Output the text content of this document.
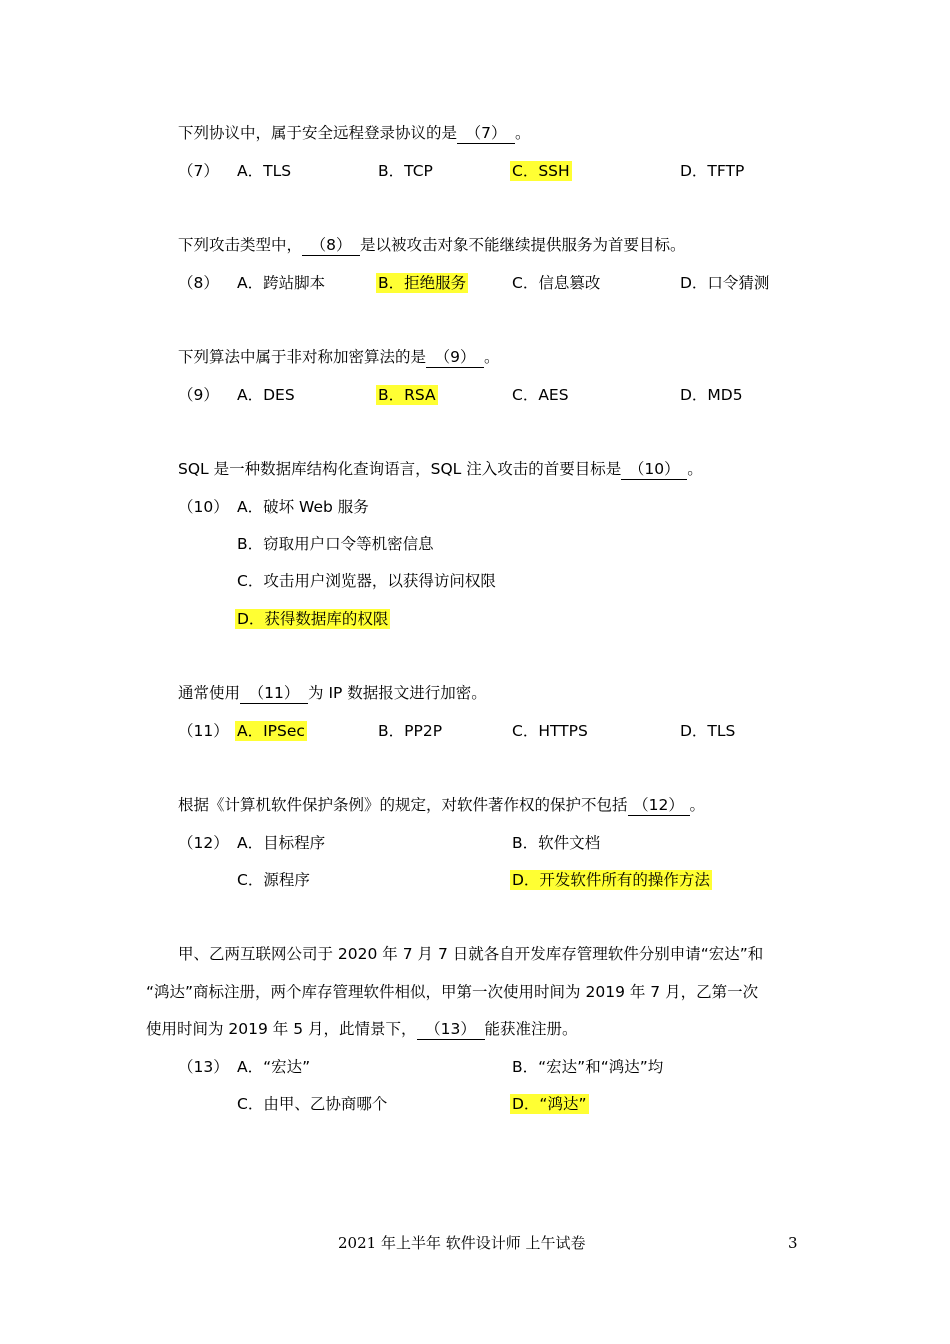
下列协议中，属于安全远程登录协议的是 （7） 。
（7） A．TLS	B．TCP	C．SSH	D．TFTP
下列攻击类型中， （8） 是以被攻击对象不能继续提供服务为首要目标。
（8） A．跨站脚本	B．拒绝服务	C．信息篡改	D．口令猜测
下列算法中属于非对称加密算法的是 （9） 。
（9） A．DES	B．RSA	C．AES	D．MD5
SQL 是一种数据库结构化查询语言，SQL 注入攻击的首要目标是 （10） 。
（10） A．破坏 Web 服务
B．窃取用户口令等机密信息
C．攻击用户浏览器，以获得访问权限
D．获得数据库的权限
通常使用 （11） 为 IP 数据报文进行加密。
（11） A．IPSec	B．PP2P	C．HTTPS	D．TLS
根据《计算机软件保护条例》的规定，对软件著作权的保护不包括 （12） 。
（12） A．目标程序	B．软件文档
C．源程序	D．开发软件所有的操作方法
甲、乙两互联网公司于 2020 年 7 月 7 日就各自开发库存管理软件分别申请“宏达”和
“鸿达”商标注册，两个库存管理软件相似，甲第一次使用时间为 2019 年 7 月，乙第一次
使用时间为 2019 年 5 月，此情景下， （13） 能获准注册。
（13） A．“宏达”	B．“宏达”和“鸿达”均
C．由甲、乙协商哪个	D．“鸿达”
2021 年上半年 软件设计师 上午试卷	3
